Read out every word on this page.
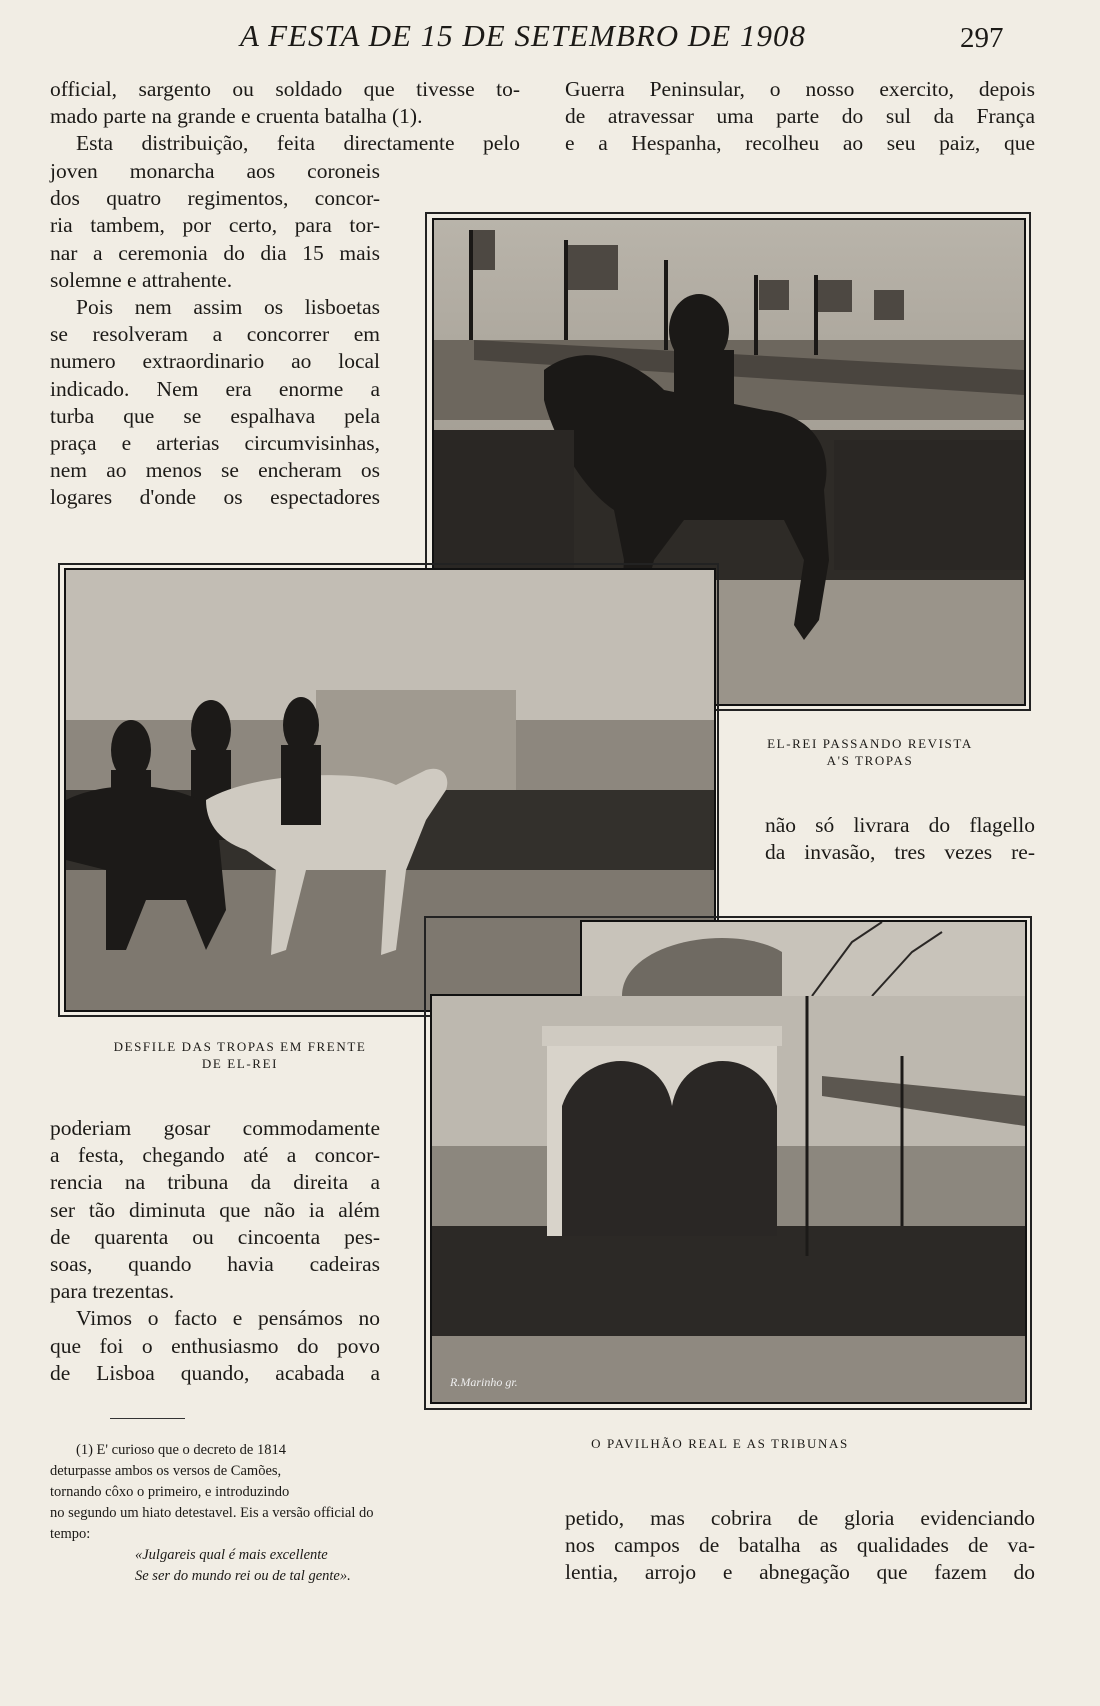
A FESTA DE 15 DE SETEMBRO DE 1908	297
official, sargento ou soldado que tivesse to-
mado parte na grande e cruenta batalha (1).
Esta distribuição, feita directamente pelo
joven monarcha aos coroneis
dos quatro regimentos, concor-
ria tambem, por certo, para tor-
nar a ceremonia do dia 15 mais
solemne e attrahente.
Pois nem assim os lisboetas
se resolveram a concorrer em
numero extraordinario ao local
indicado. Nem era enorme a
turba que se espalhava pela
praça e arterias circumvisinhas,
nem ao menos se encheram os
logares d'onde os espectadores
Guerra Peninsular, o nosso exercito, depois
de atravessar uma parte do sul da França
e a Hespanha, recolheu ao seu paiz, que
EL-REI PASSANDO REVISTA
A'S TROPAS
não só livrara do flagello
da invasão, tres vezes re-
DESFILE DAS TROPAS EM FRENTE
DE EL-REI
R.Marinho gr.
O PAVILHÃO REAL E AS TRIBUNAS
poderiam gosar commodamente
a festa, chegando até a concor-
rencia na tribuna da direita a
ser tão diminuta que não ia além
de quarenta ou cincoenta pes-
soas, quando havia cadeiras
para trezentas.
Vimos o facto e pensámos no
que foi o enthusiasmo do povo
de Lisboa quando, acabada a
(1) E' curioso que o decreto de 1814
deturpasse ambos os versos de Camões,
tornando côxo o primeiro, e introduzindo
no segundo um hiato detestavel. Eis a versão official do
tempo:
«Julgareis qual é mais excellente
Se ser do mundo rei ou de tal gente».
petido, mas cobrira de gloria evidenciando
nos campos de batalha as qualidades de va-
lentia, arrojo e abnegação que fazem do
